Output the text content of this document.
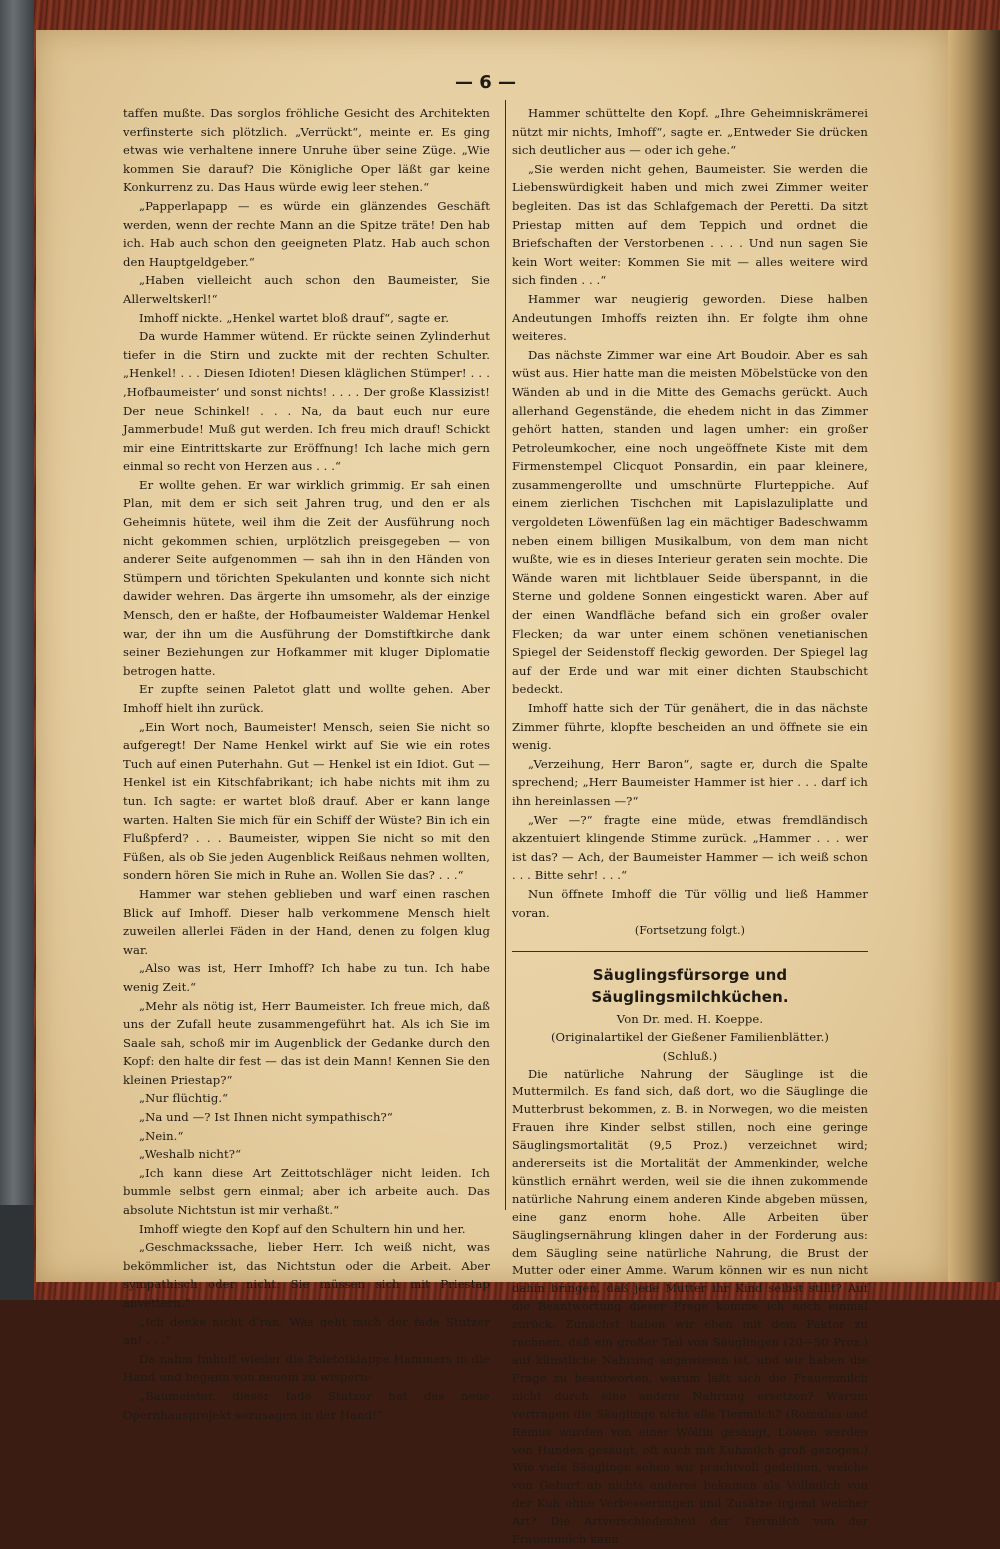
— 6 —

taffen mußte. Das sorglos fröhliche Gesicht des Architekten verfinsterte sich plötzlich. „Verrückt“, meinte er. Es ging etwas wie verhaltene innere Unruhe über seine Züge. „Wie kommen Sie darauf? Die Königliche Oper läßt gar keine Konkurrenz zu. Das Haus würde ewig leer stehen.“

„Papperlapapp — es würde ein glänzendes Geschäft werden, wenn der rechte Mann an die Spitze träte! Den hab ich. Hab auch schon den geeigneten Platz. Hab auch schon den Hauptgeldgeber.“

„Haben vielleicht auch schon den Baumeister, Sie Allerweltskerl!“

Imhoff nickte. „Henkel wartet bloß drauf“, sagte er.

Da wurde Hammer wütend. Er rückte seinen Zylinderhut tiefer in die Stirn und zuckte mit der rechten Schulter. „Henkel! . . . Diesen Idioten! Diesen kläglichen Stümper! . . . ‚Hofbaumeister‘ und sonst nichts! . . . . Der große Klassizist! Der neue Schinkel! . . . Na, da baut euch nur eure Jammerbude! Muß gut werden. Ich freu mich drauf! Schickt mir eine Eintrittskarte zur Eröffnung! Ich lache mich gern einmal so recht von Herzen aus . . .“

Er wollte gehen. Er war wirklich grimmig. Er sah einen Plan, mit dem er sich seit Jahren trug, und den er als Geheimnis hütete, weil ihm die Zeit der Ausführung noch nicht gekommen schien, urplötzlich preisgegeben — von anderer Seite aufgenommen — sah ihn in den Händen von Stümpern und törichten Spekulanten und konnte sich nicht dawider wehren. Das ärgerte ihn umsomehr, als der einzige Mensch, den er haßte, der Hofbaumeister Waldemar Henkel war, der ihn um die Ausführung der Domstiftkirche dank seiner Beziehungen zur Hofkammer mit kluger Diplomatie betrogen hatte.

Er zupfte seinen Paletot glatt und wollte gehen. Aber Imhoff hielt ihn zurück.

„Ein Wort noch, Baumeister! Mensch, seien Sie nicht so aufgeregt! Der Name Henkel wirkt auf Sie wie ein rotes Tuch auf einen Puterhahn. Gut — Henkel ist ein Idiot. Gut — Henkel ist ein Kitschfabrikant; ich habe nichts mit ihm zu tun. Ich sagte: er wartet bloß drauf. Aber er kann lange warten. Halten Sie mich für ein Schiff der Wüste? Bin ich ein Flußpferd? . . . Baumeister, wippen Sie nicht so mit den Füßen, als ob Sie jeden Augenblick Reißaus nehmen wollten, sondern hören Sie mich in Ruhe an. Wollen Sie das? . . .“

Hammer war stehen geblieben und warf einen raschen Blick auf Imhoff. Dieser halb verkommene Mensch hielt zuweilen allerlei Fäden in der Hand, denen zu folgen klug war.

„Also was ist, Herr Imhoff? Ich habe zu tun. Ich habe wenig Zeit.“

„Mehr als nötig ist, Herr Baumeister. Ich freue mich, daß uns der Zufall heute zusammengeführt hat. Als ich Sie im Saale sah, schoß mir im Augenblick der Gedanke durch den Kopf: den halte dir fest — das ist dein Mann! Kennen Sie den kleinen Priestap?“

„Nur flüchtig.“

„Na und —? Ist Ihnen nicht sympathisch?“

„Nein.“

„Weshalb nicht?“

„Ich kann diese Art Zeittotschläger nicht leiden. Ich bummle selbst gern einmal; aber ich arbeite auch. Das absolute Nichtstun ist mir verhaßt.“

Imhoff wiegte den Kopf auf den Schultern hin und her.

„Geschmackssache, lieber Herr. Ich weiß nicht, was bekömmlicher ist, das Nichtstun oder die Arbeit. Aber sympathisch oder nicht: Sie müssen sich mit Priestap anvettern.“

„Ich denke nicht d'ran. Was geht mich der fade Stutzer an! . . .“

Da nahm Imhoff wieder die Paletotklappe Hammers in die Hand und begann von neuem zu wispern:

„Baumeister, dieser fade Stutzer hat das neue Opernhausprojekt sozusagen in der Hand!“

Hammer schüttelte den Kopf. „Ihre Geheimniskrämerei nützt mir nichts, Imhoff“, sagte er. „Entweder Sie drücken sich deutlicher aus — oder ich gehe.“

„Sie werden nicht gehen, Baumeister. Sie werden die Liebenswürdigkeit haben und mich zwei Zimmer weiter begleiten. Das ist das Schlafgemach der Peretti. Da sitzt Priestap mitten auf dem Teppich und ordnet die Briefschaften der Verstorbenen . . . . Und nun sagen Sie kein Wort weiter: Kommen Sie mit — alles weitere wird sich finden . . .“

Hammer war neugierig geworden. Diese halben Andeutungen Imhoffs reizten ihn. Er folgte ihm ohne weiteres.

Das nächste Zimmer war eine Art Boudoir. Aber es sah wüst aus. Hier hatte man die meisten Möbelstücke von den Wänden ab und in die Mitte des Gemachs gerückt. Auch allerhand Gegenstände, die ehedem nicht in das Zimmer gehört hatten, standen und lagen umher: ein großer Petroleumkocher, eine noch ungeöffnete Kiste mit dem Firmenstempel Clicquot Ponsardin, ein paar kleinere, zusammengerollte und umschnürte Flurteppiche. Auf einem zierlichen Tischchen mit Lapislazuliplatte und vergoldeten Löwenfüßen lag ein mächtiger Badeschwamm neben einem billigen Musikalbum, von dem man nicht wußte, wie es in dieses Interieur geraten sein mochte. Die Wände waren mit lichtblauer Seide überspannt, in die Sterne und goldene Sonnen eingestickt waren. Aber auf der einen Wandfläche befand sich ein großer ovaler Flecken; da war unter einem schönen venetianischen Spiegel der Seidenstoff fleckig geworden. Der Spiegel lag auf der Erde und war mit einer dichten Staubschicht bedeckt.

Imhoff hatte sich der Tür genähert, die in das nächste Zimmer führte, klopfte bescheiden an und öffnete sie ein wenig.

„Verzeihung, Herr Baron“, sagte er, durch die Spalte sprechend; „Herr Baumeister Hammer ist hier . . . darf ich ihn hereinlassen —?“

„Wer —?“ fragte eine müde, etwas fremdländisch akzentuiert klingende Stimme zurück. „Hammer . . . wer ist das? — Ach, der Baumeister Hammer — ich weiß schon . . . Bitte sehr! . . .“

Nun öffnete Imhoff die Tür völlig und ließ Hammer voran.

(Fortsetzung folgt.)

Säuglingsfürsorge und Säuglingsmilchküchen.

Von Dr. med. H. Koeppe.

(Originalartikel der Gießener Familienblätter.)

(Schluß.)

Die natürliche Nahrung der Säuglinge ist die Muttermilch. Es fand sich, daß dort, wo die Säuglinge die Mutterbrust bekommen, z. B. in Norwegen, wo die meisten Frauen ihre Kinder selbst stillen, noch eine geringe Säuglingsmortalität (9,5 Proz.) verzeichnet wird; andererseits ist die Mortalität der Ammenkinder, welche künstlich ernährt werden, weil sie die ihnen zukommende natürliche Nahrung einem anderen Kinde abgeben müssen, eine ganz enorm hohe. Alle Arbeiten über Säuglingsernährung klingen daher in der Forderung aus: dem Säugling seine natürliche Nahrung, die Brust der Mutter oder einer Amme. Warum können wir es nun nicht dahin bringen, daß jede Mutter ihr Kind selbst stillt? Auf die Beantwortung dieser Frage komme ich noch einmal zurück. Zunächst haben wir eben mit dem Faktor zu rechnen, daß ein großer Teil von Säuglingen (20—50 Proz.) auf künstliche Nahrung angewiesen ist, und wir haben die Frage zu beantworten, warum läßt sich die Frauenmilch nicht durch eine andere Nahrung ersetzen? Warum vertragen die Säuglinge nicht alle Tiermilch? (Romulus und Remus wurden von einer Wölfin gesäugt, Löwen werden von Hunden gesäugt, oft auch mit Kuhmilch groß gezogen.) Wie viele Säuglinge sehen wir prachtvoll gedeihen, welche von Geburt ab nichts anderes bekamen als Vollmilch von der Kuh ohne Verbesserungen und Zusätze irgend welcher Art? Die Artverschiedenheit der Tiermilch von der Frauenmilch kann
